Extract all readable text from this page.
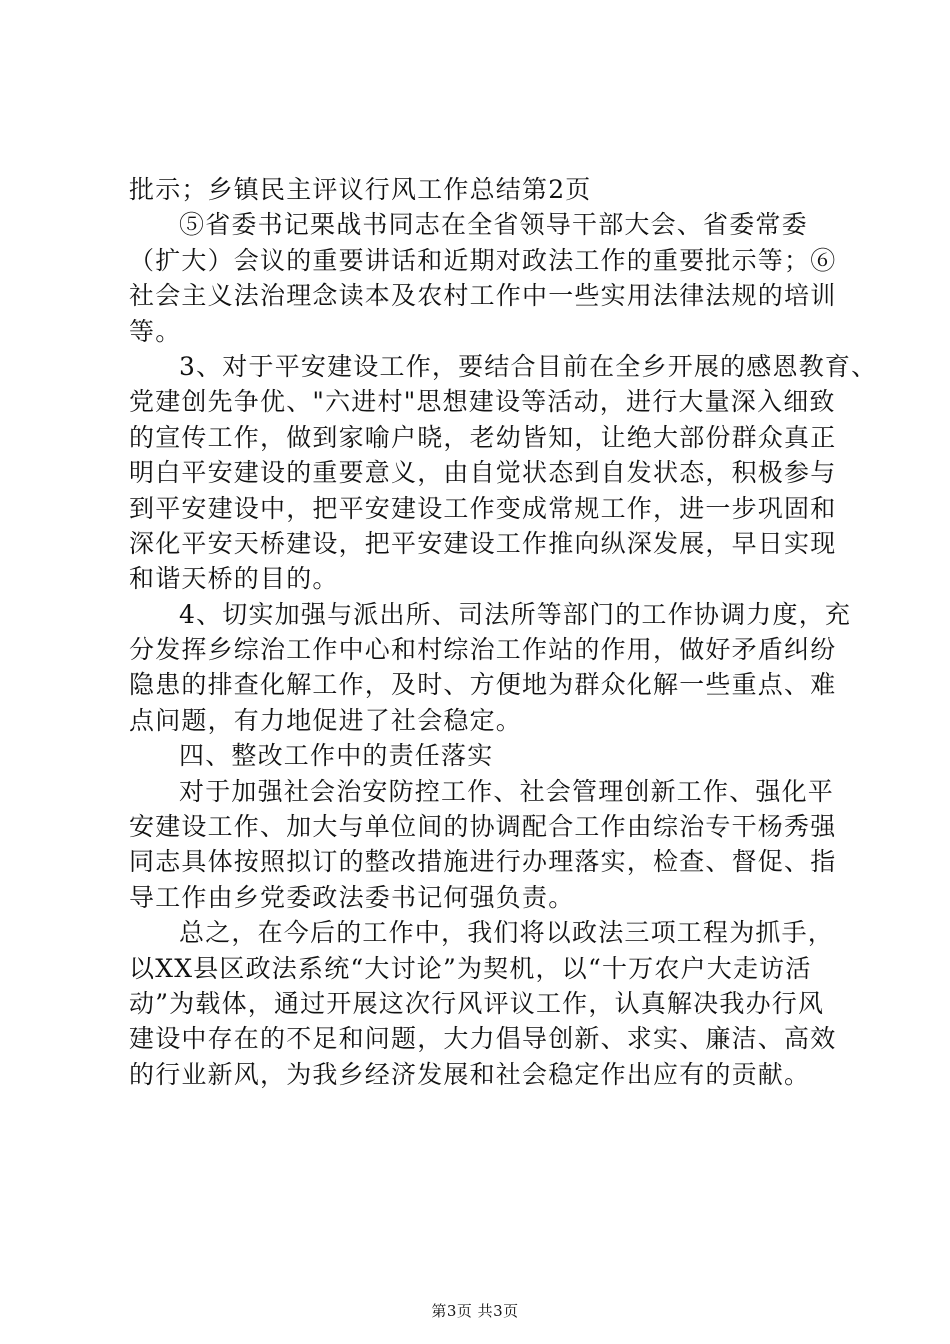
批示；乡镇民主评议行风工作总结第2页
⑤省委书记栗战书同志在全省领导干部大会、省委常委
（扩大）会议的重要讲话和近期对政法工作的重要批示等；⑥
社会主义法治理念读本及农村工作中一些实用法律法规的培训
等。
3、对于平安建设工作，要结合目前在全乡开展的感恩教育、
党建创先争优、"六进村"思想建设等活动，进行大量深入细致
的宣传工作，做到家喻户晓，老幼皆知，让绝大部份群众真正
明白平安建设的重要意义，由自觉状态到自发状态，积极参与
到平安建设中，把平安建设工作变成常规工作，进一步巩固和
深化平安天桥建设，把平安建设工作推向纵深发展，早日实现
和谐天桥的目的。
4、切实加强与派出所、司法所等部门的工作协调力度，充
分发挥乡综治工作中心和村综治工作站的作用，做好矛盾纠纷
隐患的排查化解工作，及时、方便地为群众化解一些重点、难
点问题，有力地促进了社会稳定。
四、整改工作中的责任落实
对于加强社会治安防控工作、社会管理创新工作、强化平
安建设工作、加大与单位间的协调配合工作由综治专干杨秀强
同志具体按照拟订的整改措施进行办理落实，检查、督促、指
导工作由乡党委政法委书记何强负责。
总之，在今后的工作中，我们将以政法三项工程为抓手，
以XX县区政法系统“大讨论”为契机，以“十万农户大走访活
动”为载体，通过开展这次行风评议工作，认真解决我办行风
建设中存在的不足和问题，大力倡导创新、求实、廉洁、高效
的行业新风，为我乡经济发展和社会稳定作出应有的贡献。
第3页 共3页
